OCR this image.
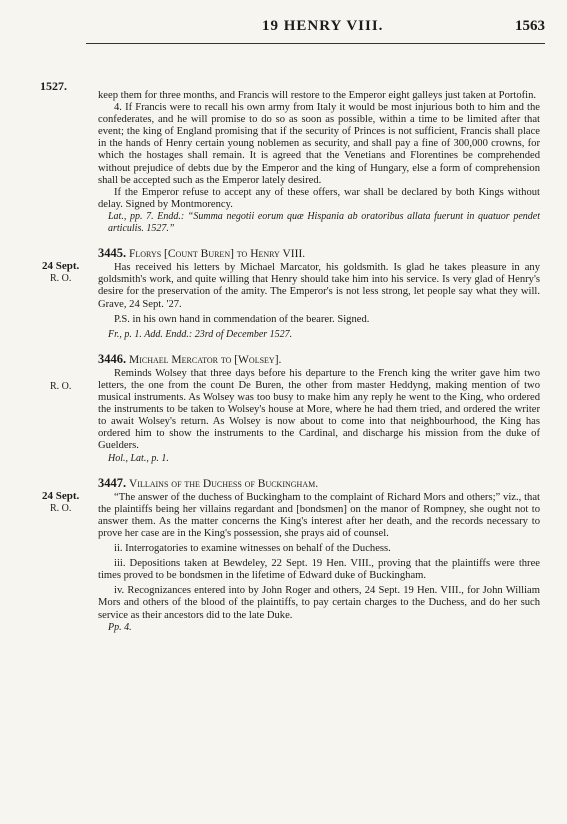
19 HENRY VIII.	1563
1527.

keep them for three months, and Francis will restore to the Emperor eight galleys just taken at Portofin.

4. If Francis were to recall his own army from Italy it would be most injurious both to him and the confederates, and he will promise to do so as soon as possible, within a time to be limited after that event; the king of England promising that if the security of Princes is not sufficient, Francis shall place in the hands of Henry certain young noblemen as security, and shall pay a fine of 300,000 crowns, for which the hostages shall remain. It is agreed that the Venetians and Florentines be comprehended without prejudice of debts due by the Emperor and the king of Hungary, else a form of comprehension shall be accepted such as the Emperor lately desired.

If the Emperor refuse to accept any of these offers, war shall be declared by both Kings without delay. Signed by Montmorency.

Lat., pp. 7. Endd.: “Summa negotii eorum quæ Hispania ab oratoribus allata fuerunt in quatuor pendet articulis. 1527.”

24 Sept.
R. O.

3445. Florys [Count Buren] to Henry VIII.

Has received his letters by Michael Marcator, his goldsmith. Is glad he takes pleasure in any goldsmith's work, and quite willing that Henry should take him into his service. Is very glad of Henry's desire for the preservation of the amity. The Emperor's is not less strong, let people say what they will. Grave, 24 Sept. '27.

P.S. in his own hand in commendation of the bearer. Signed.

Fr., p. 1. Add. Endd.: 23rd of December 1527.

R. O.

3446. Michael Mercator to [Wolsey].

Reminds Wolsey that three days before his departure to the French king the writer gave him two letters, the one from the count De Buren, the other from master Heddyng, making mention of two musical instruments. As Wolsey was too busy to make him any reply he went to the King, who ordered the instruments to be taken to Wolsey's house at More, where he had them tried, and ordered the writer to await Wolsey's return. As Wolsey is now about to come into that neighbourhood, the King has ordered him to show the instruments to the Cardinal, and discharge his mission from the duke of Guelders.

Hol., Lat., p. 1.

24 Sept.
R. O.

3447. Villains of the Duchess of Buckingham.

“The answer of the duchess of Buckingham to the complaint of Richard Mors and others;” viz., that the plaintiffs being her villains regardant and [bondsmen] on the manor of Rompney, she ought not to answer them. As the matter concerns the King's interest after her death, and the records necessary to prove her case are in the King's possession, she prays aid of counsel.

ii. Interrogatories to examine witnesses on behalf of the Duchess.

iii. Depositions taken at Bewdeley, 22 Sept. 19 Hen. VIII., proving that the plaintiffs were three times proved to be bondsmen in the lifetime of Edward duke of Buckingham.

iv. Recognizances entered into by John Roger and others, 24 Sept. 19 Hen. VIII., for John William Mors and others of the blood of the plaintiffs, to pay certain charges to the Duchess, and do her such service as their ancestors did to the late Duke.

Pp. 4.
